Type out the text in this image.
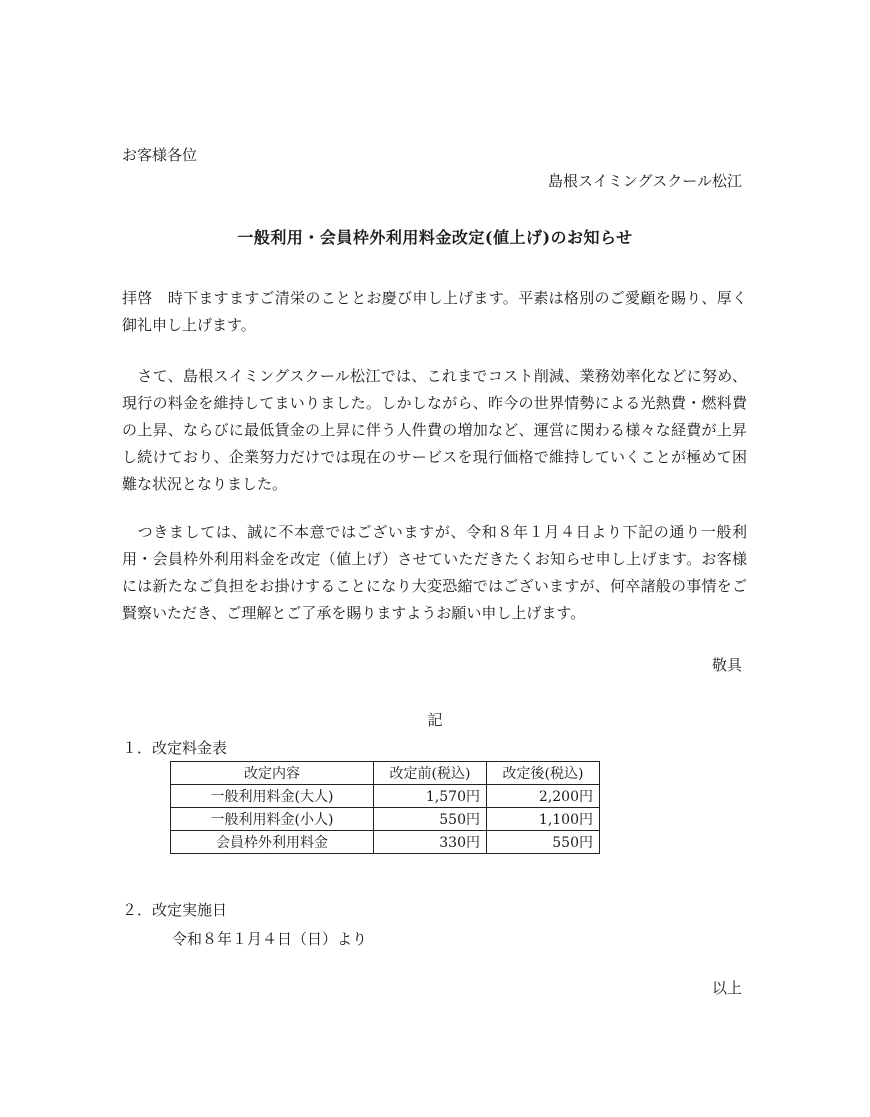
お客様各位
島根スイミングスクール松江
一般利用・会員枠外利用料金改定(値上げ)のお知らせ
拝啓　時下ますますご清栄のこととお慶び申し上げます。平素は格別のご愛顧を賜り、厚く御礼申し上げます。
　さて、島根スイミングスクール松江では、これまでコスト削減、業務効率化などに努め、現行の料金を維持してまいりました。しかしながら、昨今の世界情勢による光熱費・燃料費の上昇、ならびに最低賃金の上昇に伴う人件費の増加など、運営に関わる様々な経費が上昇し続けており、企業努力だけでは現在のサービスを現行価格で維持していくことが極めて困難な状況となりました。
　つきましては、誠に不本意ではございますが、令和８年１月４日より下記の通り一般利用・会員枠外利用料金を改定（値上げ）させていただきたくお知らせ申し上げます。お客様には新たなご負担をお掛けすることになり大変恐縮ではございますが、何卒諸般の事情をご賢察いただき、ご理解とご了承を賜りますようお願い申し上げます。
敬具
記
１．改定料金表
改定内容	改定前(税込)	改定後(税込)
一般利用料金(大人)	1,570円	2,200円
一般利用料金(小人)	550円	1,100円
会員枠外利用料金	330円	550円
２．改定実施日
令和８年１月４日（日）より
以上
